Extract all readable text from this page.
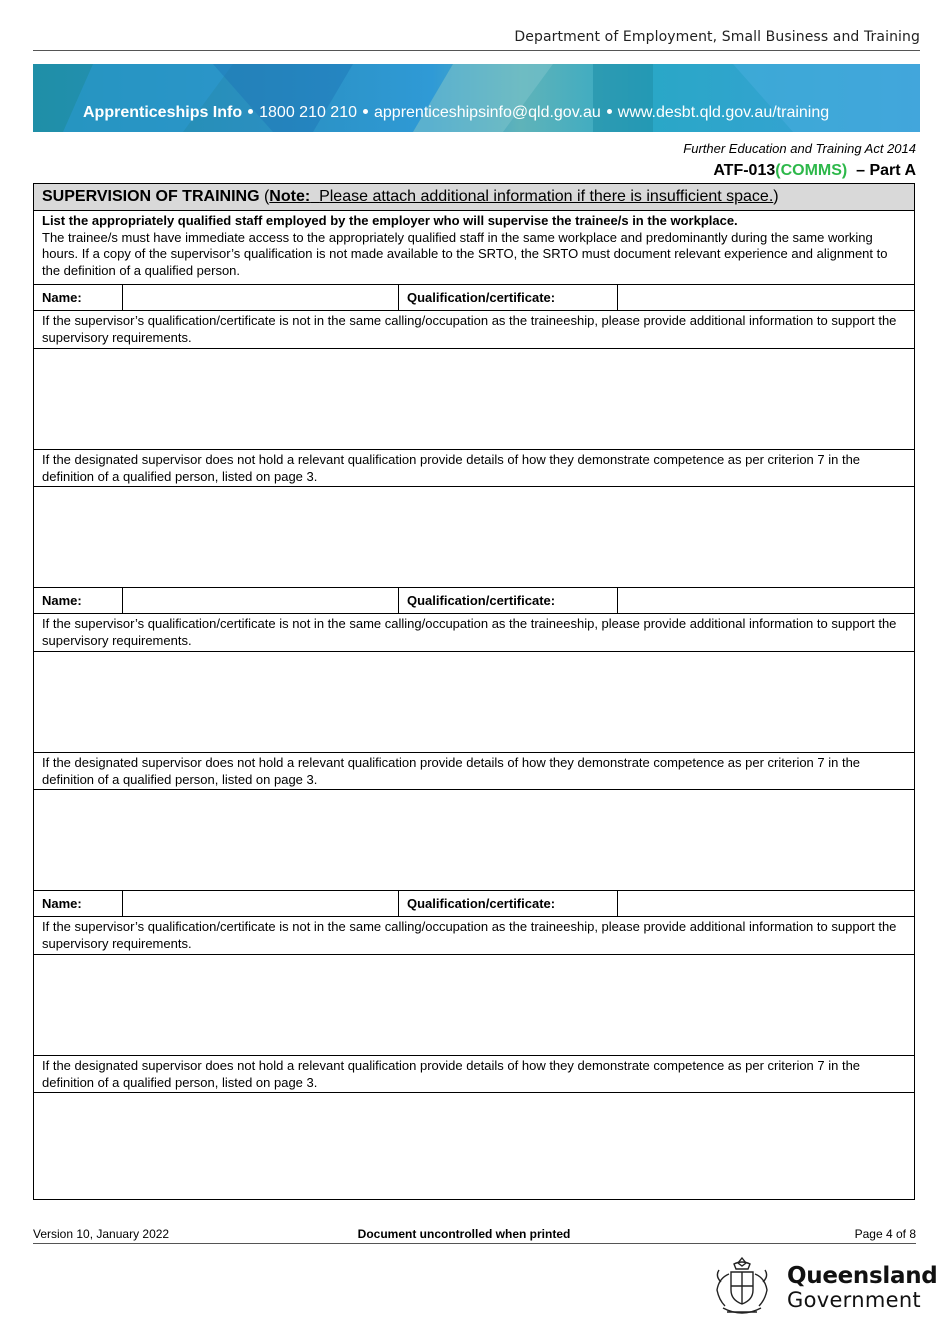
Department of Employment, Small Business and Training
Apprenticeships Info 1800 210 210 apprenticeshipsinfo@qld.gov.au www.desbt.qld.gov.au/training
Further Education and Training Act 2014
ATF-013(COMMS) – Part A
SUPERVISION OF TRAINING (Note: Please attach additional information if there is insufficient space.)
List the appropriately qualified staff employed by the employer who will supervise the trainee/s in the workplace.
The trainee/s must have immediate access to the appropriately qualified staff in the same workplace and predominantly during the same working hours. If a copy of the supervisor’s qualification is not made available to the SRTO, the SRTO must document relevant experience and alignment to the definition of a qualified person.
Name:	Qualification/certificate:
If the supervisor’s qualification/certificate is not in the same calling/occupation as the traineeship, please provide additional information to support the supervisory requirements.
If the designated supervisor does not hold a relevant qualification provide details of how they demonstrate competence as per criterion 7 in the definition of a qualified person, listed on page 3.
Name:	Qualification/certificate:
If the supervisor’s qualification/certificate is not in the same calling/occupation as the traineeship, please provide additional information to support the supervisory requirements.
If the designated supervisor does not hold a relevant qualification provide details of how they demonstrate competence as per criterion 7 in the definition of a qualified person, listed on page 3.
Name:	Qualification/certificate:
If the supervisor’s qualification/certificate is not in the same calling/occupation as the traineeship, please provide additional information to support the supervisory requirements.
If the designated supervisor does not hold a relevant qualification provide details of how they demonstrate competence as per criterion 7 in the definition of a qualified person, listed on page 3.
Version 10, January 2022	Document uncontrolled when printed	Page 4 of 8
Queensland
Government
